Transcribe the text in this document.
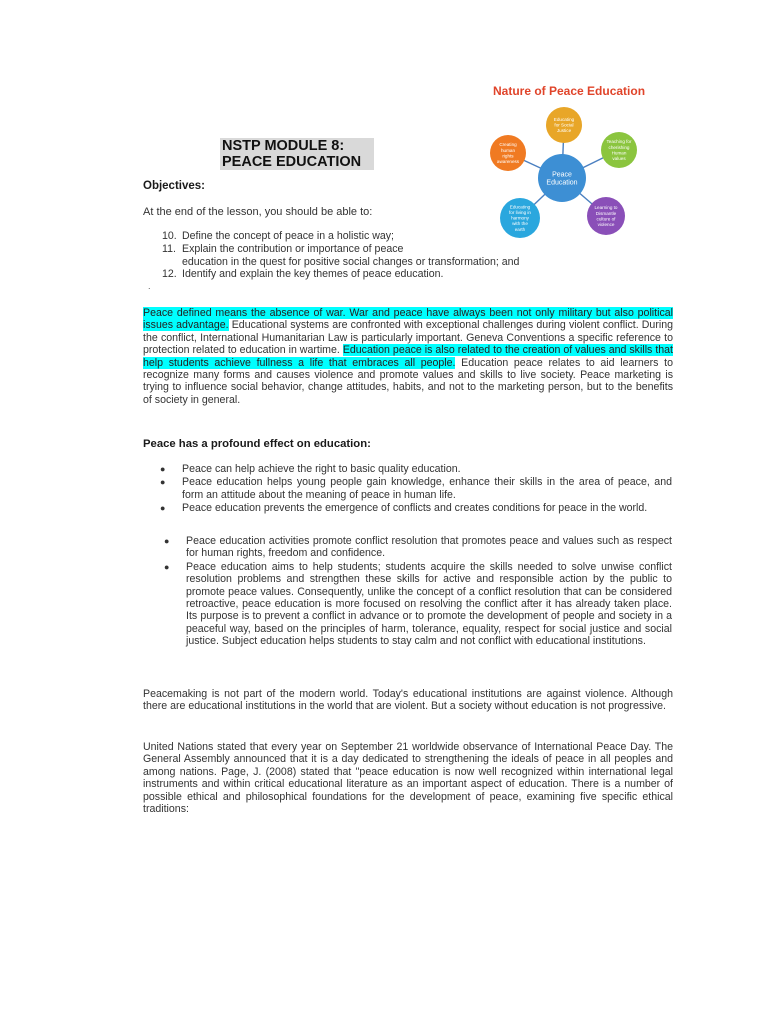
Nature of Peace Education
Educating
for Social
Justice
Teaching for
cherishing
Human
values
Learning to
Dismantle
culture of
violence
Educating
for living in
harmony
with the
earth
Creating
human
rights
awareness
Peace
Education
NSTP MODULE 8:
PEACE EDUCATION
Objectives:
At the end of the lesson, you should be able to:
10. Define the concept of peace in a holistic way;
11. Explain the contribution or importance of peace
education in the quest for positive social changes or transformation; and
12. Identify and explain the key themes of peace education.
.
Peace defined means the absence of war. War and peace have always been not only military but also political issues advantage. Educational systems are confronted with exceptional challenges during violent conflict. During the conflict, International Humanitarian Law is particularly important. Geneva Conventions a specific reference to protection related to education in wartime. Education peace is also related to the creation of values and skills that help students achieve fullness a life that embraces all people. Education peace relates to aid learners to recognize many forms and causes violence and promote values and skills to live society. Peace marketing is trying to influence social behavior, change attitudes, habits, and not to the marketing person, but to the benefits of society in general.
Peace has a profound effect on education:
●	Peace can help achieve the right to basic quality education.
●	Peace education helps young people gain knowledge, enhance their skills in the area of peace, and form an attitude about the meaning of peace in human life.
●	Peace education prevents the emergence of conflicts and creates conditions for peace in the world.
●	Peace education activities promote conflict resolution that promotes peace and values such as respect for human rights, freedom and confidence.
●	Peace education aims to help students; students acquire the skills needed to solve unwise conflict resolution problems and strengthen these skills for active and responsible action by the public to promote peace values. Consequently, unlike the concept of a conflict resolution that can be considered retroactive, peace education is more focused on resolving the conflict after it has already taken place. Its purpose is to prevent a conflict in advance or to promote the development of people and society in a peaceful way, based on the principles of harm, tolerance, equality, respect for social justice and social justice. Subject education helps students to stay calm and not conflict with educational institutions.
Peacemaking is not part of the modern world. Today's educational institutions are against violence. Although there are educational institutions in the world that are violent. But a society without education is not progressive.
United Nations stated that every year on September 21 worldwide observance of International Peace Day. The General Assembly announced that it is a day dedicated to strengthening the ideals of peace in all peoples and among nations. Page, J. (2008) stated that "peace education is now well recognized within international legal instruments and within critical educational literature as an important aspect of education. There is a number of possible ethical and philosophical foundations for the development of peace, examining five specific ethical traditions:
